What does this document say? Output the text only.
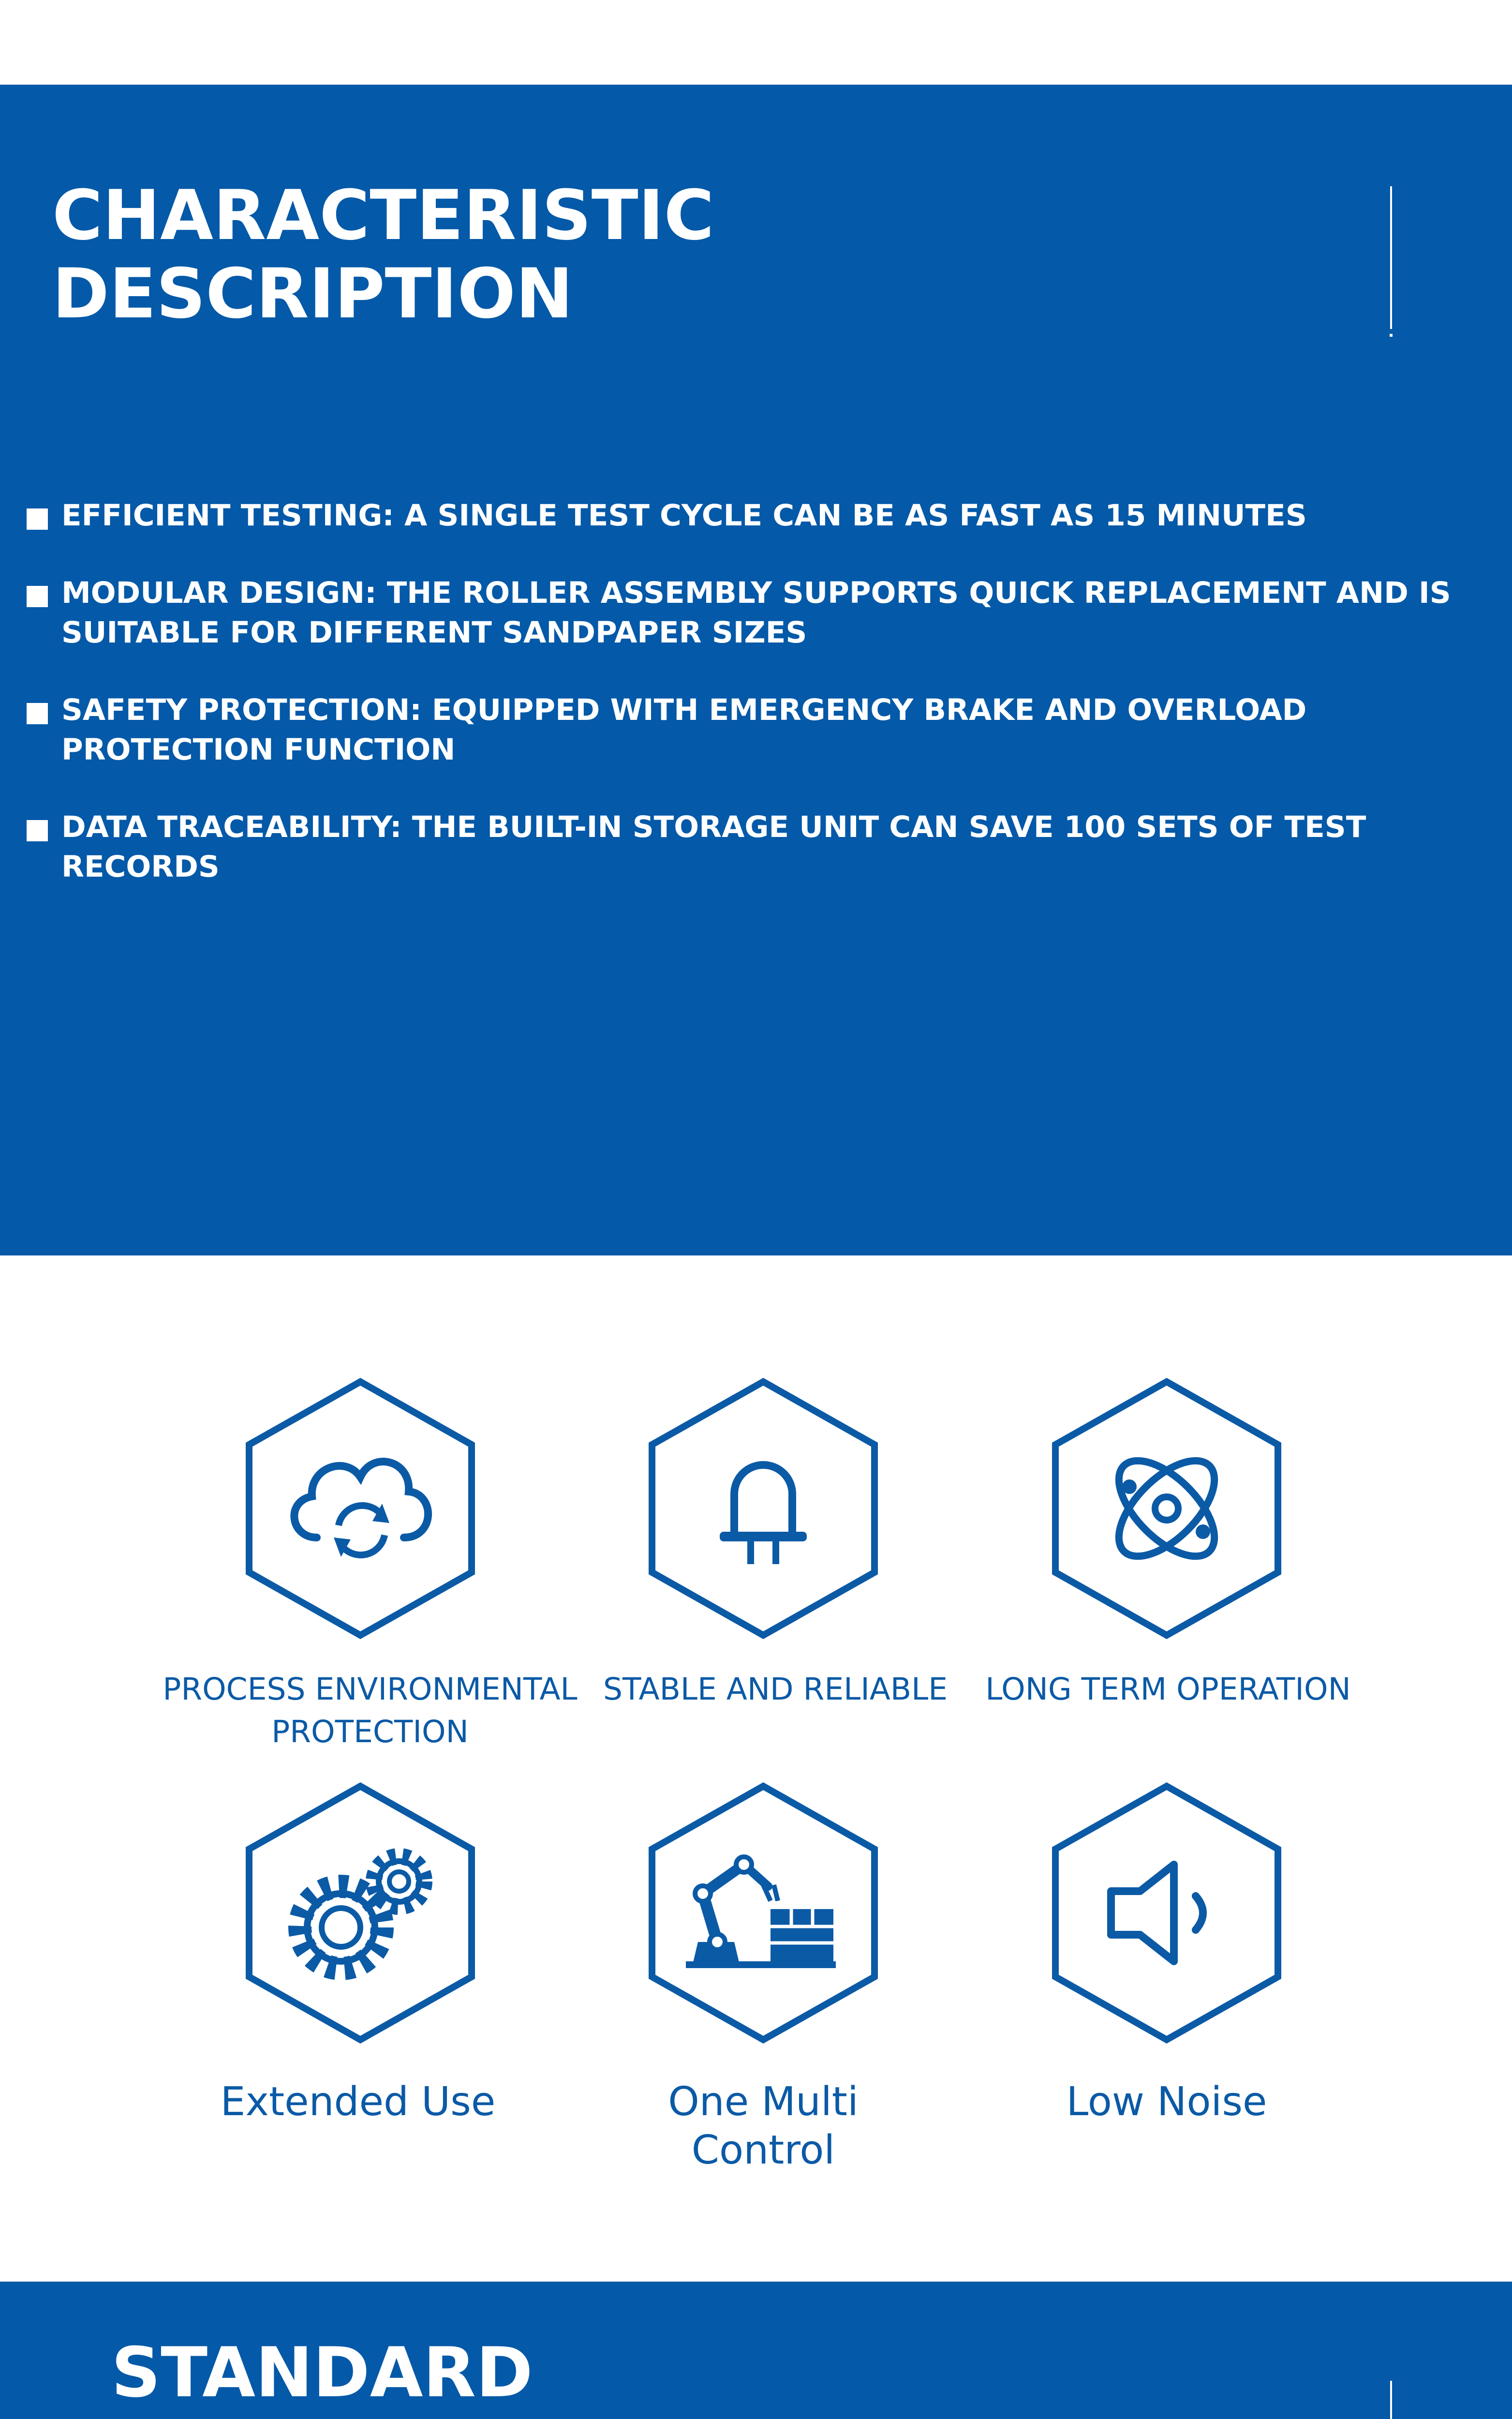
CHARACTERISTIC
DESCRIPTION
EFFICIENT TESTING: A SINGLE TEST CYCLE CAN BE AS FAST AS 15 MINUTES
MODULAR DESIGN: THE ROLLER ASSEMBLY SUPPORTS QUICK REPLACEMENT AND IS SUITABLE FOR DIFFERENT SANDPAPER SIZES
SAFETY PROTECTION: EQUIPPED WITH EMERGENCY BRAKE AND OVERLOAD PROTECTION FUNCTION
DATA TRACEABILITY: THE BUILT-IN STORAGE UNIT CAN SAVE 100 SETS OF TEST RECORDS
PROCESS ENVIRONMENTAL PROTECTION
STABLE AND RELIABLE	LONG TERM OPERATION
Extended Use	One Multi Control
Low Noise
STANDARD
